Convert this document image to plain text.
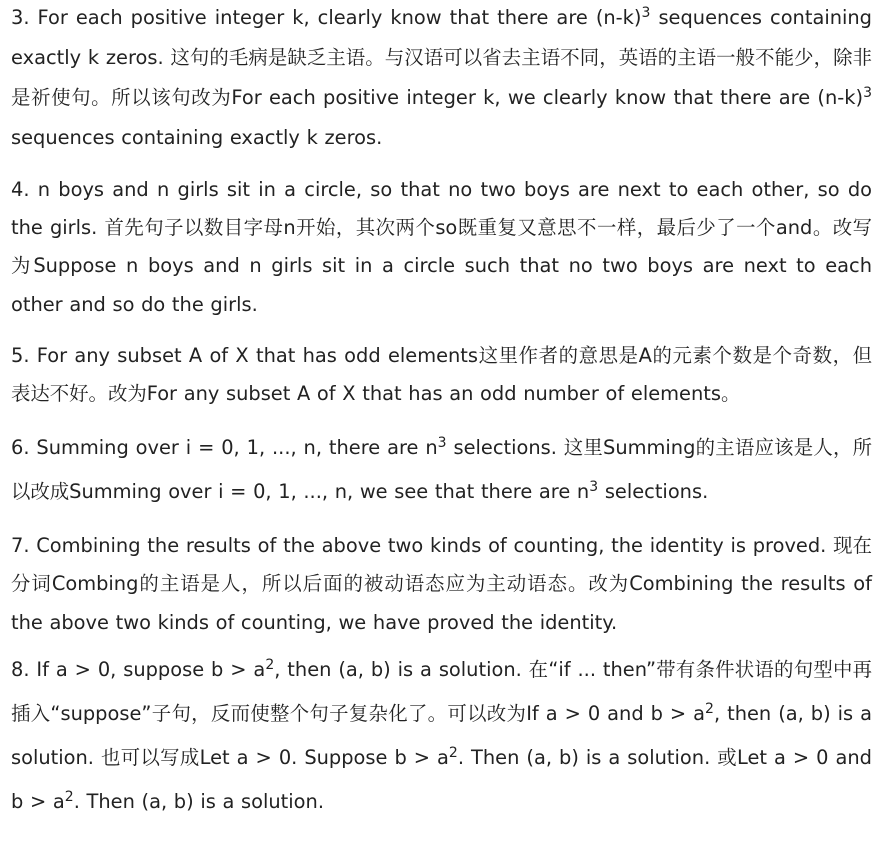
3. For each positive integer k, clearly know that there are $(n-k)^3$ sequences containing exactly k zeros. 这句的毛病是缺乏主语。与汉语可以省去主语不同，英语的主语一般不能少，除非是祈使句。所以该句改为For each positive integer k, we clearly know that there are $(n-k)^3$ sequences containing exactly k zeros.

4. n boys and n girls sit in a circle, so that no two boys are next to each other, so do the girls. 首先句子以数目字母n开始，其次两个so既重复又意思不一样，最后少了一个and。改写为Suppose n boys and n girls sit in a circle such that no two boys are next to each other and so do the girls.

5. For any subset A of X that has odd elements这里作者的意思是A的元素个数是个奇数，但表达不好。改为For any subset A of X that has an odd number of elements。

6. Summing over i = 0, 1, ..., n, there are $n^3$ selections. 这里Summing的主语应该是人，所以改成Summing over i = 0, 1, ..., n, we see that there are $n^3$ selections.

7. Combining the results of the above two kinds of counting, the identity is proved. 现在分词Combing的主语是人，所以后面的被动语态应为主动语态。改为Combining the results of the above two kinds of counting, we have proved the identity.

8. If a > 0, suppose $b > a^2$, then (a, b) is a solution. 在“if ... then”带有条件状语的句型中再插入“suppose”子句，反而使整个句子复杂化了。可以改为If a > 0 and $b > a^2$, then (a, b) is a solution. 也可以写成Let a > 0. Suppose $b > a^2$. Then (a, b) is a solution. 或Let a > 0 and $b > a^2$. Then (a, b) is a solution.
